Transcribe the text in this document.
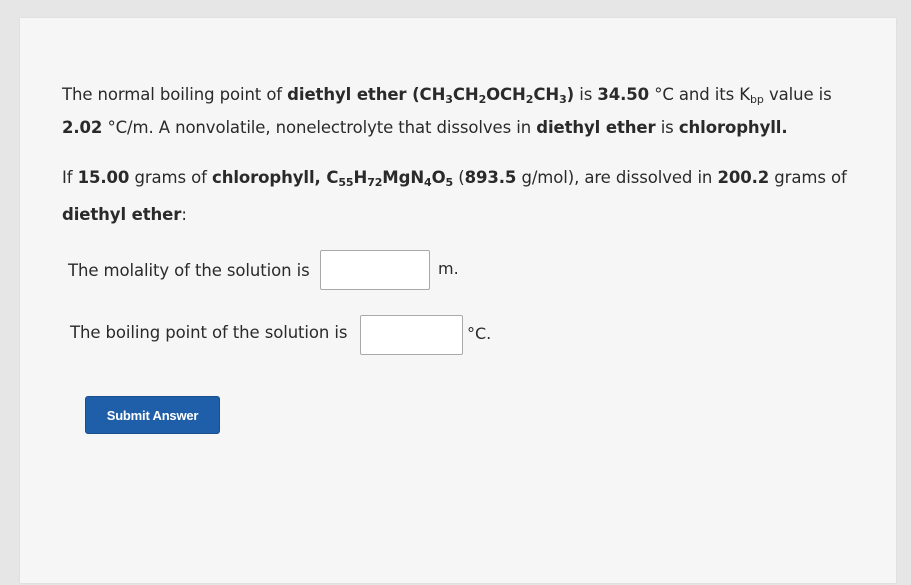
The normal boiling point of diethyl ether $(CH_3CH_2OCH_2CH_3)$ is 34.50 °C and its $K_{bp}$ value is
2.02 °C/m. A nonvolatile, nonelectrolyte that dissolves in diethyl ether is chlorophyll.
If 15.00 grams of chlorophyll, $C_{55}H_{72}MgN_4O_5$ (893.5 g/mol), are dissolved in 200.2 grams of
diethyl ether:
The molality of the solution is	m.
The boiling point of the solution is	°C.
Submit Answer
